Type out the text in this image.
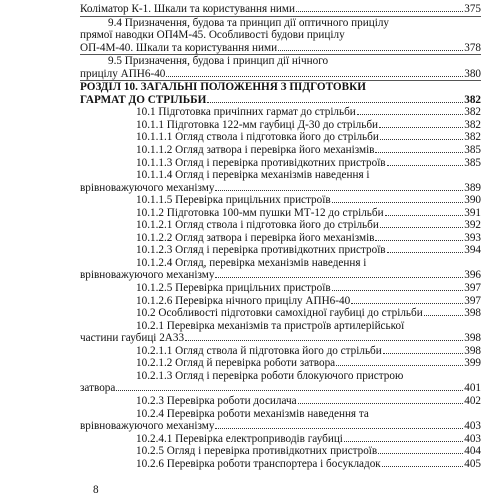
Коліматор К-1. Шкали та користування ними	375
9.4 Призначення, будова та принцип дії оптичного прицілу
прямої наводки ОП4М-45. Особливості будови прицілу
ОП-4М-40. Шкали та користування ними	378
9.5 Призначення, будова і принцип дії нічного
прицілу АПН6-40	380
РОЗДІЛ 10. ЗАГАЛЬНІ ПОЛОЖЕННЯ З ПІДГОТОВКИ
ГАРМАТ ДО СТРІЛЬБИ	382
10.1 Підготовка причіпних гармат до стрільби	382
10.1.1 Підготовка 122-мм гаубиці Д-30 до стрільби	382
10.1.1.1 Огляд ствола і підготовка його до стрільби	382
10.1.1.2 Огляд затвора і перевірка його механізмів	385
10.1.1.3 Огляд і перевірка противідкотних пристроїв	385
10.1.1.4 Огляд і перевірка механізмів наведення і
врівноважуючого механізму	389
10.1.1.5 Перевірка прицільних пристроїв	390
10.1.2 Підготовка 100-мм пушки МТ-12 до стрільби	391
10.1.2.1 Огляд ствола і підготовка його до стрільби	392
10.1.2.2 Огляд затвора і перевірка його механізмів	393
10.1.2.3 Огляд і перевірка противідкотних пристроїв	394
10.1.2.4 Огляд, перевірка механізмів наведення і
врівноважуючого механізму	396
10.1.2.5 Перевірка прицільних пристроїв	397
10.1.2.6 Перевірка нічного прицілу АПН6-40	397
10.2 Особливості підготовки самохідної гаубиці до стрільби	398
10.2.1 Перевірка механізмів та пристроїв артилерійської
частини гаубиці 2А33	398
10.2.1.1 Огляд ствола й підготовка його до стрільби	398
10.2.1.2 Огляд й перевірка роботи затвора	399
10.2.1.3 Огляд і перевірка роботи блокуючого пристрою
затвора	401
10.2.3 Перевірка роботи досилача	402
10.2.4 Перевірка роботи механізмів наведення та
врівноважуючого механізму	403
10.2.4.1 Перевірка електроприводів гаубиці	403
10.2.5 Огляд і перевірка противідкотних пристроїв	404
10.2.6 Перевірка роботи транспортера і босукладок	405
8
